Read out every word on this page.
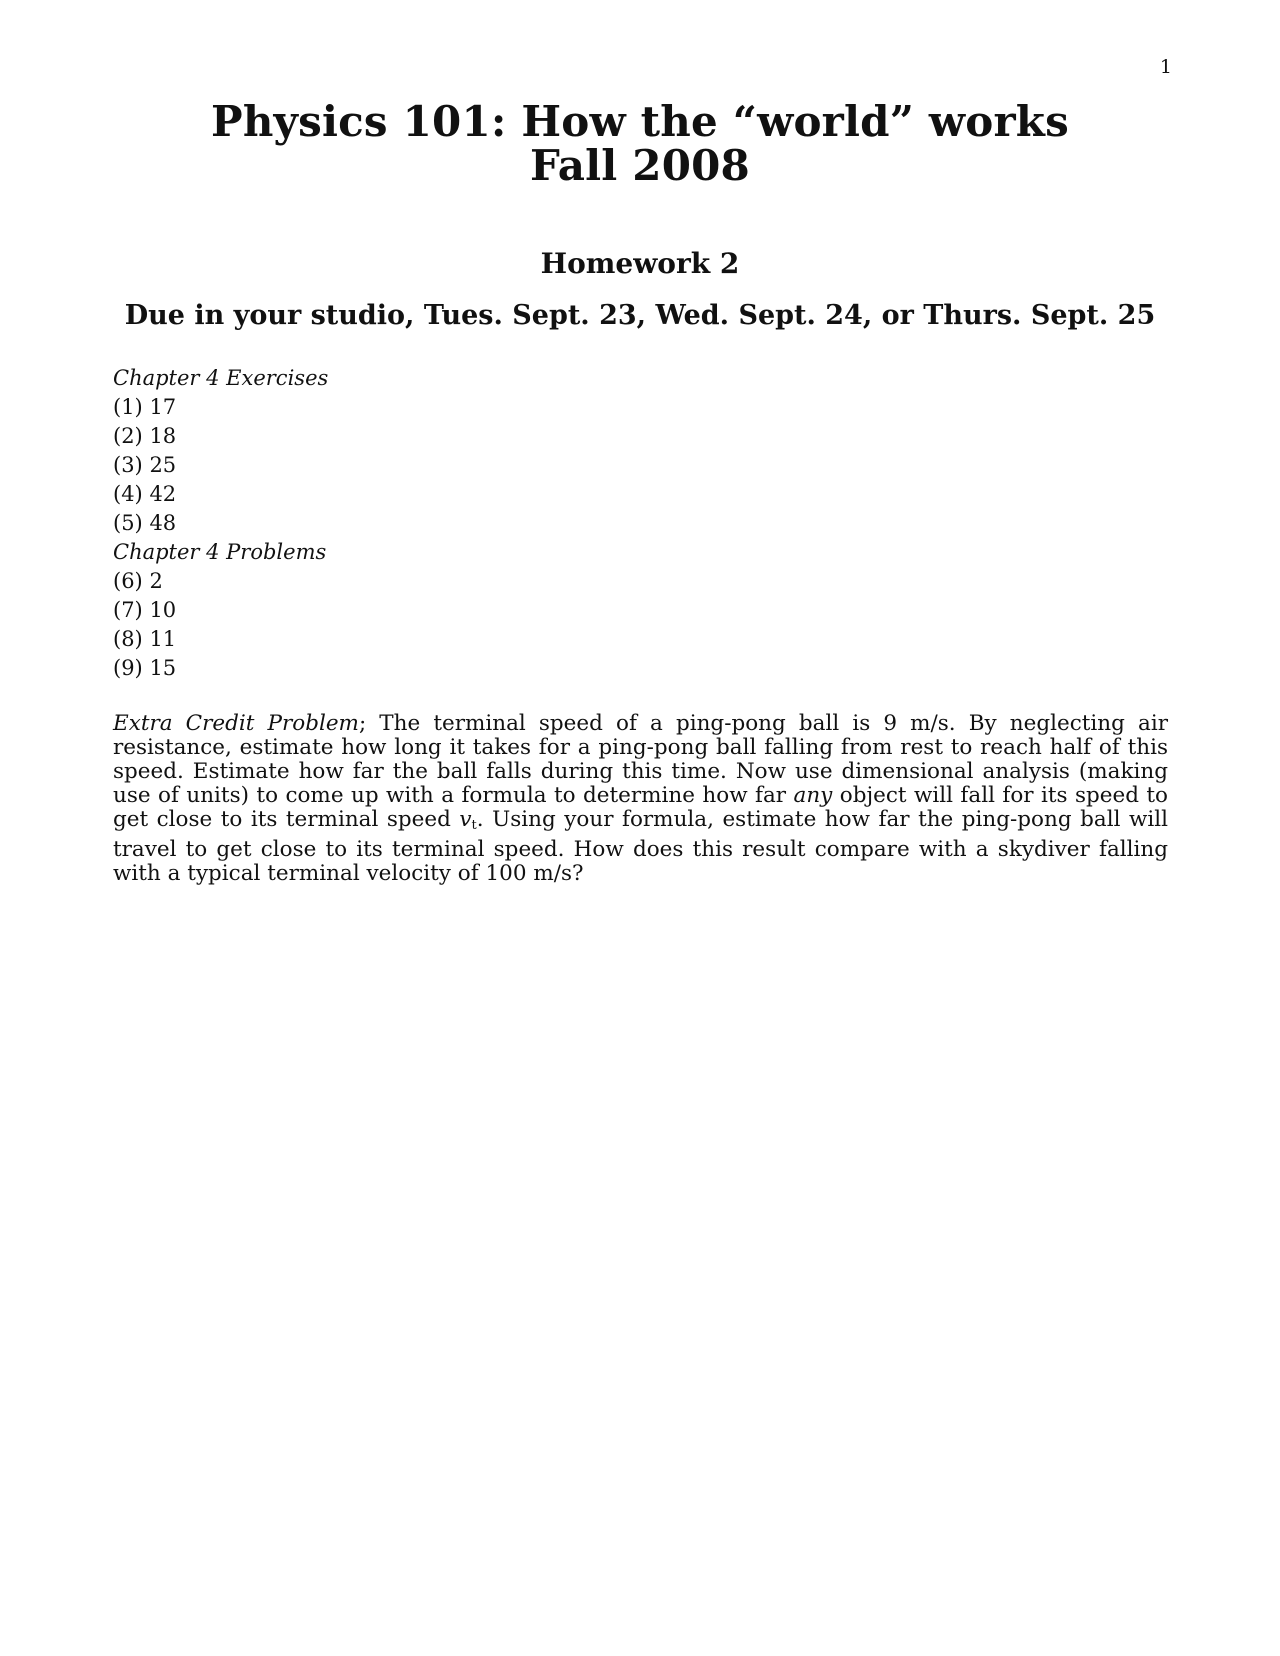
1
Physics 101: How the “world” works
Fall 2008
Homework 2
Due in your studio, Tues. Sept. 23, Wed. Sept. 24, or Thurs. Sept. 25
Chapter 4 Exercises
(1) 17
(2) 18
(3) 25
(4) 42
(5) 48
Chapter 4 Problems
(6) 2
(7) 10
(8) 11
(9) 15

Extra Credit Problem; The terminal speed of a ping-pong ball is 9 m/s. By neglecting air resistance, estimate how long it takes for a ping-pong ball falling from rest to reach half of this speed. Estimate how far the ball falls during this time. Now use dimensional analysis (making use of units) to come up with a formula to determine how far any object will fall for its speed to get close to its terminal speed $v_t$. Using your formula, estimate how far the ping-pong ball will travel to get close to its terminal speed. How does this result compare with a skydiver falling with a typical terminal velocity of 100 m/s?
